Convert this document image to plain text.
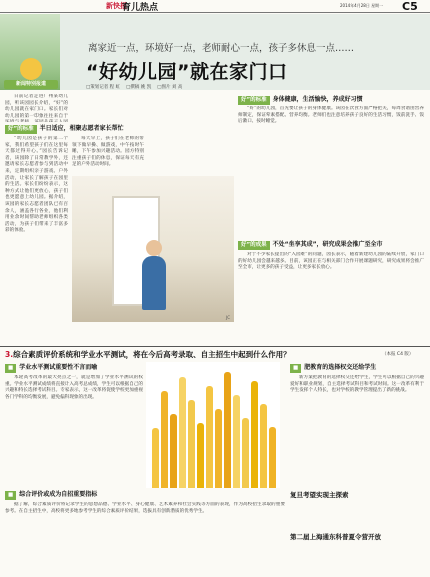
新快报
育儿热点	2014年4月28日 星期一 C5
新闻特别报道
离家近一点，环境好一点，老师耐心一点，孩子多休息一点……
“好幼儿园”就在家门口
□策划记者 程 虹 □撰稿 姚 凯 □图片 刘 高

日前记者走进广州某幼儿园，听该园园长介绍，“好”的幼儿园就在家门口。家长们对幼儿园的第一印象往往来自于

好”的标准 半日适应，相聚志愿者家长帮忙

“幼儿园是孩子的第二个家，我们希望孩子们在这里每天都过得开心。”园长告诉记者，该园除了日常教学外，还邀请家长志愿者参与到活动中来，定期组织亲子游戏、户外活动，让家长了解孩子在园里的生活。家长们纷纷表示，这种方式让他们更放心，孩子们也更愿意上幼儿园。据介绍，该园的家长志愿者团队已有百余人，涵盖各行各业，他们利用业余时间帮助老师组织各类活动，为孩子们带来了丰富多彩的体验。

每天早上，孩子们在老师的带领下做早操、做游戏，中午按时午睡，下午参加兴趣活动。园方特别注重孩子们的休息，保证每天有充足的户外活动时间。

JC
好”的标准 身体健康，生活愉快，养成好习惯

“好”的幼儿园，首先要让孩子的身体健康。该园在饮食方面严格把关，每周食谱由营养师制定，保证荤素搭配、营养均衡。老师们也注意培养孩子良好的生活习惯，饭前洗手、饭后漱口、按时睡觉。

好”的成果 不处“坐享其成”，研究成果会推广至全市

对于不少家长提出的“入园难”的问题，园长表示，随着新建幼儿园的陆续开放，家门口的好幼儿园会越来越多。目前，该园正在与相关部门合作开展课题研究，研究成果将会推广至全市，让更多的孩子受益，让更多家长放心。

3.综合素质评价系统和学业水平测试，将在今后高考录取、自主招生中起到什么作用？	（本报 C4 版）
■ 学业水平测试重要性不言而喻

本轮高考改革的最大亮点之一，就是增加了学业水平测试的权重。学业水平测试成绩将直接计入高考总成绩，学生可以根据自己的兴趣和特长选择考试科目。专家表示，这一改革将促使学校更加重视各门学科的均衡发展，避免偏科现象的出现。

■ 综合评价或成为自招重要指标

据了解，综合素质评价将记录学生的思想品德、学业水平、身心健康、艺术素养和社会实践等方面的表现，作为高校招生录取的重要参考。在自主招生中，高校将更多地参考学生的综合素质评价结果，选拔具有创新潜质的优秀学生。

■ 肥教育的选择权交还给学生

新方案把教育的选择权交还给学生，学生可以根据自己的兴趣爱好和职业规划，自主选择考试科目和考试时间。这一改革有利于学生发挥个人特长，也对学校的教学管理提出了新的挑战。

复旦考望实现主探索
第二届上海通东科普夏令营开放
